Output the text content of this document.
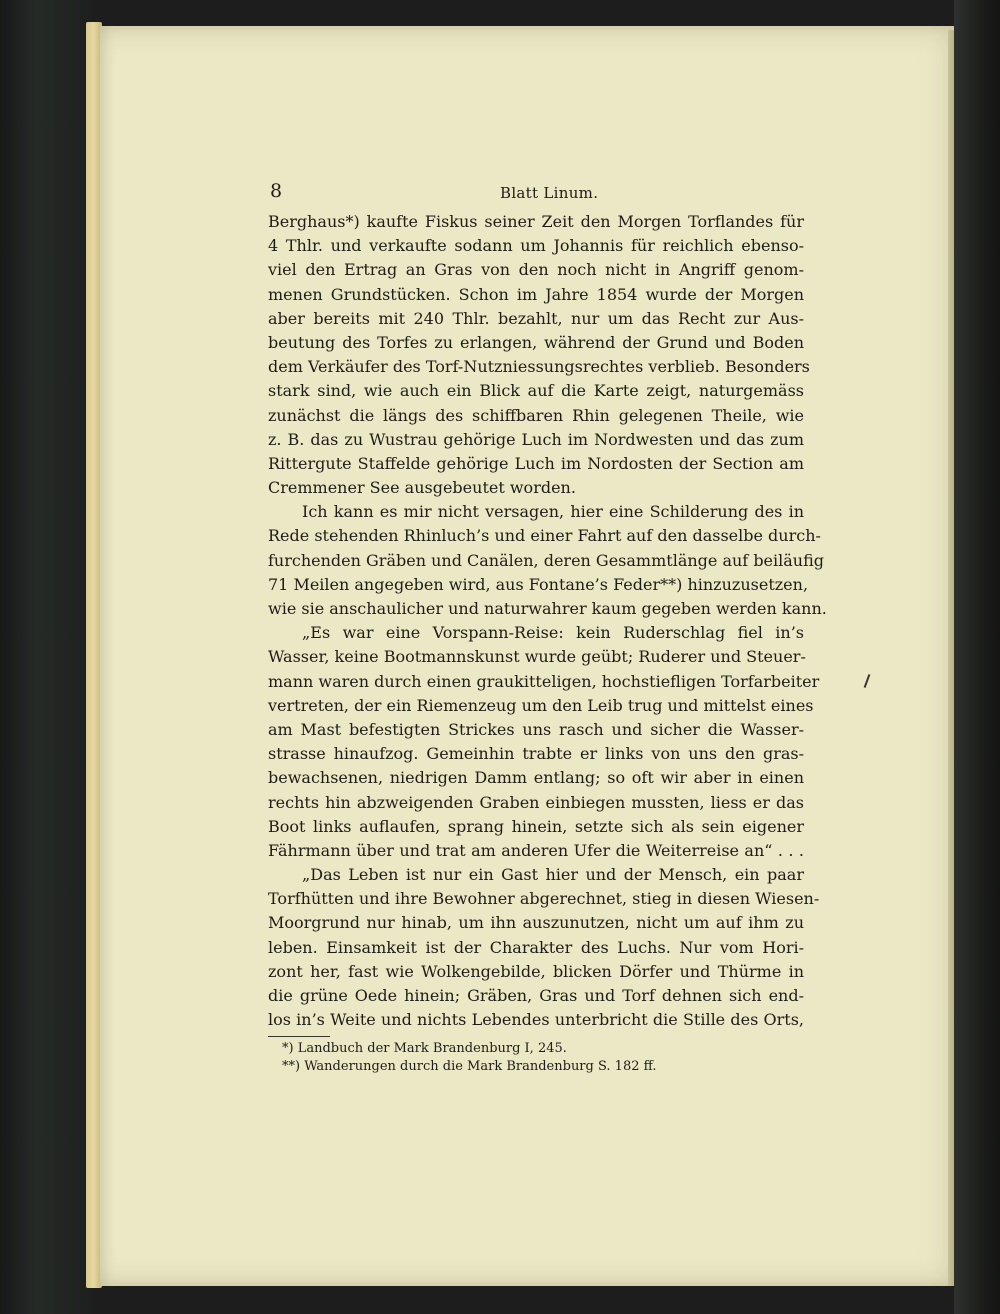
8	Blatt Linum.
Berghaus*) kaufte Fiskus seiner Zeit den Morgen Torflandes für
4 Thlr. und verkaufte sodann um Johannis für reichlich ebenso-
viel den Ertrag an Gras von den noch nicht in Angriff genom-
menen Grundstücken. Schon im Jahre 1854 wurde der Morgen
aber bereits mit 240 Thlr. bezahlt, nur um das Recht zur Aus-
beutung des Torfes zu erlangen, während der Grund und Boden
dem Verkäufer des Torf-Nutzniessungsrechtes verblieb. Besonders
stark sind, wie auch ein Blick auf die Karte zeigt, naturgemäss
zunächst die längs des schiffbaren Rhin gelegenen Theile, wie
z. B. das zu Wustrau gehörige Luch im Nordwesten und das zum
Rittergute Staffelde gehörige Luch im Nordosten der Section am
Cremmener See ausgebeutet worden.
Ich kann es mir nicht versagen, hier eine Schilderung des in
Rede stehenden Rhinluch’s und einer Fahrt auf den dasselbe durch-
furchenden Gräben und Canälen, deren Gesammtlänge auf beiläufig
71 Meilen angegeben wird, aus Fontane’s Feder**) hinzuzusetzen,
wie sie anschaulicher und naturwahrer kaum gegeben werden kann.
„Es war eine Vorspann-Reise: kein Ruderschlag fiel in’s
Wasser, keine Bootmannskunst wurde geübt; Ruderer und Steuer-
mann waren durch einen graukitteligen, hochstiefligen Torfarbeiter
vertreten, der ein Riemenzeug um den Leib trug und mittelst eines
am Mast befestigten Strickes uns rasch und sicher die Wasser-
strasse hinaufzog. Gemeinhin trabte er links von uns den gras-
bewachsenen, niedrigen Damm entlang; so oft wir aber in einen
rechts hin abzweigenden Graben einbiegen mussten, liess er das
Boot links auflaufen, sprang hinein, setzte sich als sein eigener
Fährmann über und trat am anderen Ufer die Weiterreise an“ . . .
„Das Leben ist nur ein Gast hier und der Mensch, ein paar
Torfhütten und ihre Bewohner abgerechnet, stieg in diesen Wiesen-
Moorgrund nur hinab, um ihn auszunutzen, nicht um auf ihm zu
leben. Einsamkeit ist der Charakter des Luchs. Nur vom Hori-
zont her, fast wie Wolkengebilde, blicken Dörfer und Thürme in
die grüne Oede hinein; Gräben, Gras und Torf dehnen sich end-
los in’s Weite und nichts Lebendes unterbricht die Stille des Orts,
*) Landbuch der Mark Brandenburg I, 245.
**) Wanderungen durch die Mark Brandenburg S. 182 ff.
